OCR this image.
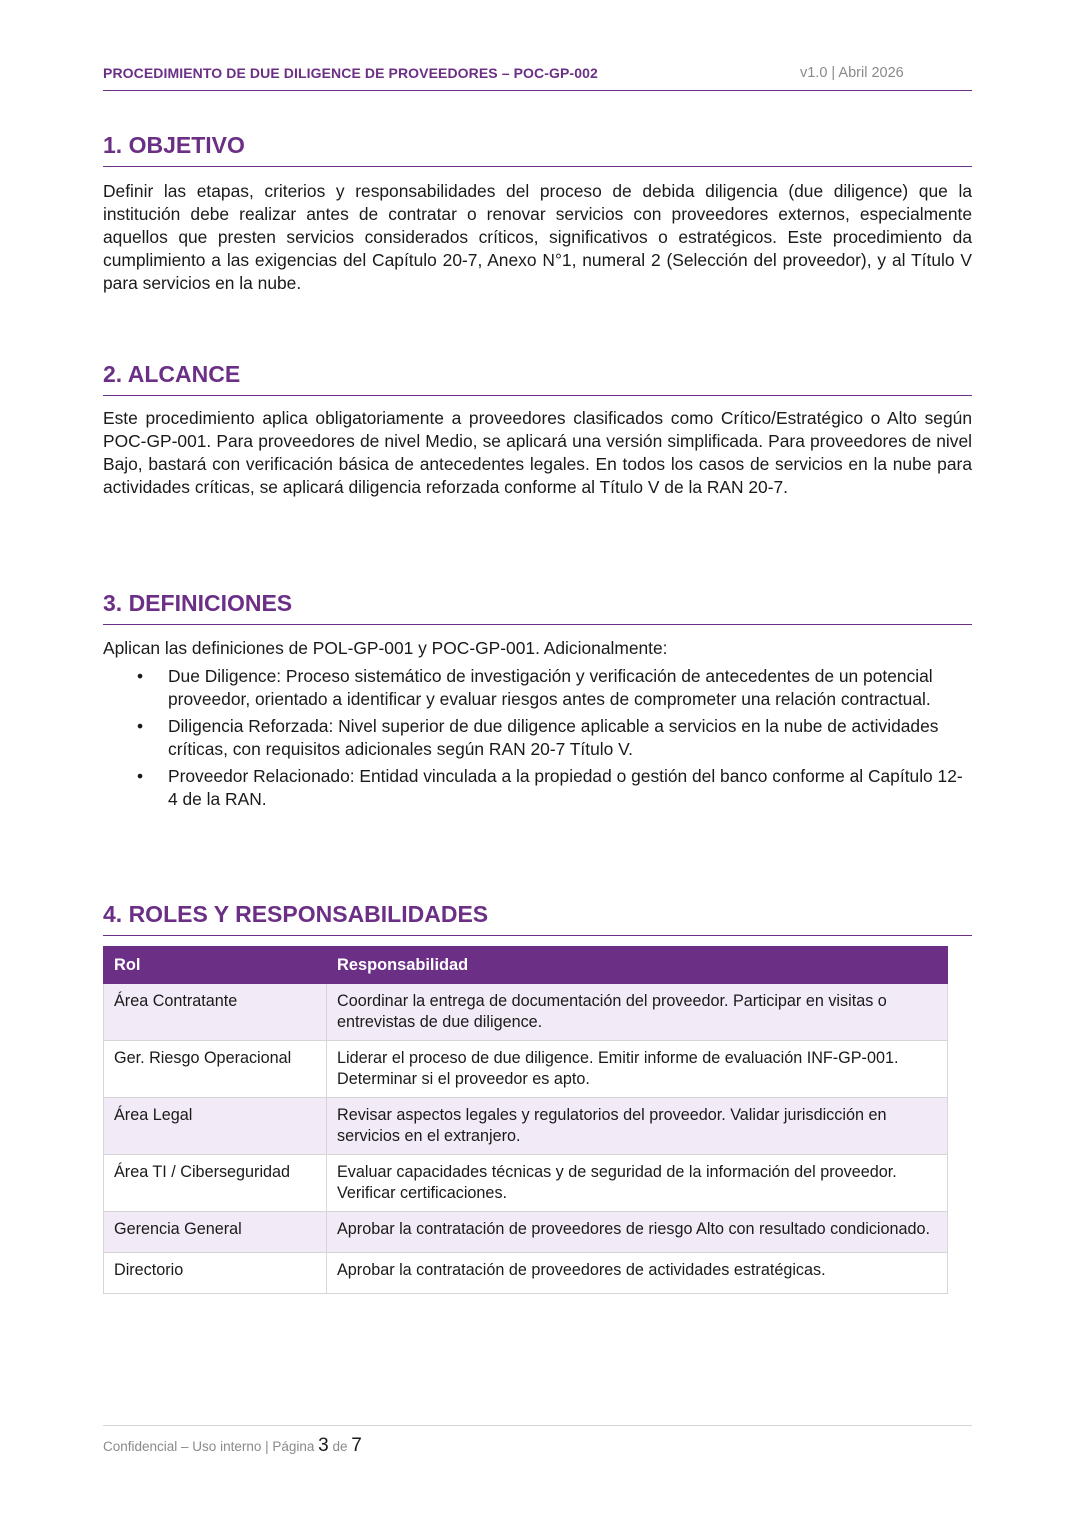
PROCEDIMIENTO DE DUE DILIGENCE DE PROVEEDORES – POC-GP-002	v1.0 | Abril 2026
1. OBJETIVO

Definir las etapas, criterios y responsabilidades del proceso de debida diligencia (due diligence) que la institución debe realizar antes de contratar o renovar servicios con proveedores externos, especialmente aquellos que presten servicios considerados críticos, significativos o estratégicos. Este procedimiento da cumplimiento a las exigencias del Capítulo 20-7, Anexo N°1, numeral 2 (Selección del proveedor), y al Título V para servicios en la nube.

2. ALCANCE

Este procedimiento aplica obligatoriamente a proveedores clasificados como Crítico/Estratégico o Alto según POC-GP-001. Para proveedores de nivel Medio, se aplicará una versión simplificada. Para proveedores de nivel Bajo, bastará con verificación básica de antecedentes legales. En todos los casos de servicios en la nube para actividades críticas, se aplicará diligencia reforzada conforme al Título V de la RAN 20-7.

3. DEFINICIONES

Aplican las definiciones de POL-GP-001 y POC-GP-001. Adicionalmente:

• Due Diligence: Proceso sistemático de investigación y verificación de antecedentes de un potencial proveedor, orientado a identificar y evaluar riesgos antes de comprometer una relación contractual.
• Diligencia Reforzada: Nivel superior de due diligence aplicable a servicios en la nube de actividades críticas, con requisitos adicionales según RAN 20-7 Título V.
• Proveedor Relacionado: Entidad vinculada a la propiedad o gestión del banco conforme al Capítulo 12-4 de la RAN.
4. ROLES Y RESPONSABILIDADES
Rol	Responsabilidad
Área Contratante	Coordinar la entrega de documentación del proveedor. Participar en visitas o entrevistas de due diligence.
Ger. Riesgo Operacional	Liderar el proceso de due diligence. Emitir informe de evaluación INF-GP-001. Determinar si el proveedor es apto.
Área Legal	Revisar aspectos legales y regulatorios del proveedor. Validar jurisdicción en servicios en el extranjero.
Área TI / Ciberseguridad	Evaluar capacidades técnicas y de seguridad de la información del proveedor. Verificar certificaciones.
Gerencia General	Aprobar la contratación de proveedores de riesgo Alto con resultado condicionado.
Directorio	Aprobar la contratación de proveedores de actividades estratégicas.
Confidencial – Uso interno | Página 3 de 7
